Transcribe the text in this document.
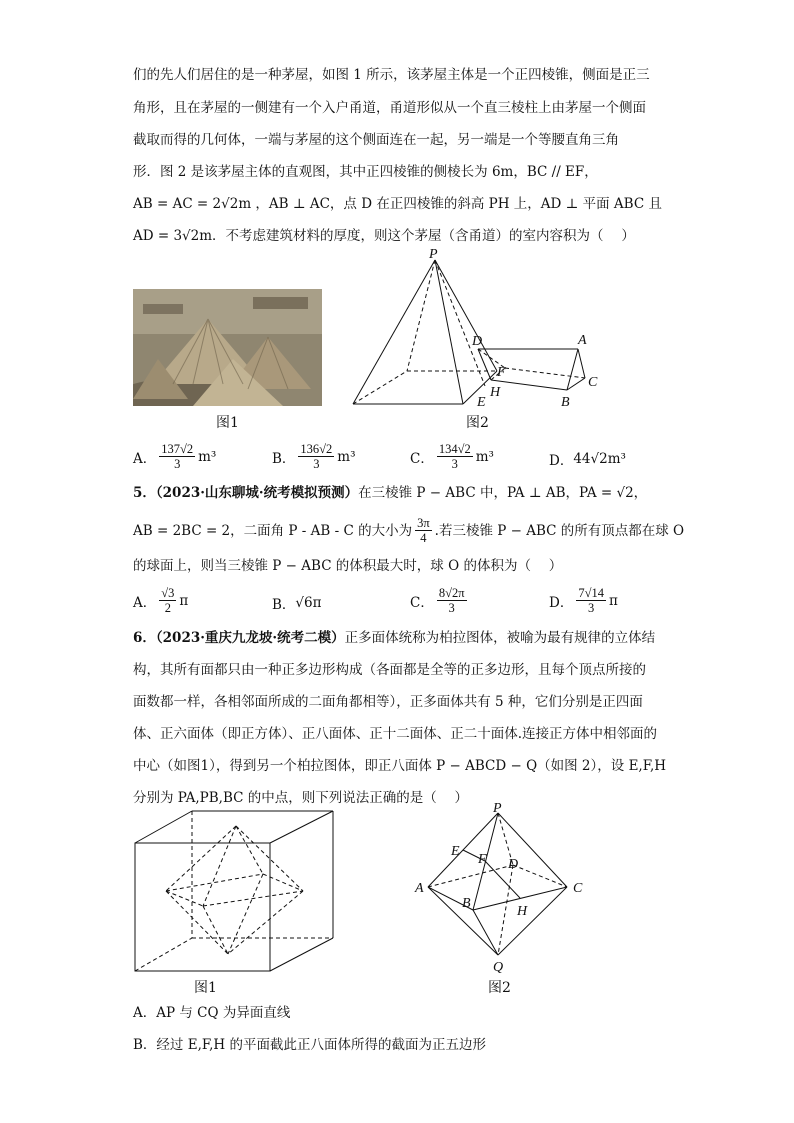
们的先人们居住的是一种茅屋，如图 1 所示，该茅屋主体是一个正四棱锥，侧面是正三
角形，且在茅屋的一侧建有一个入户甬道，甬道形似从一个直三棱柱上由茅屋一个侧面
截取而得的几何体，一端与茅屋的这个侧面连在一起，另一端是一个等腰直角三角
形．图 2 是该茅屋主体的直观图，其中正四棱锥的侧棱长为 6m，BC // EF，
AB = AC = 2√2m ，AB ⊥ AC，点 D 在正四棱锥的斜高 PH 上，AD ⊥ 平面 ABC 且
AD = 3√2m．不考虑建筑材料的厚度，则这个茅屋（含甬道）的室内容积为（　 ）
图1
P
D	A
F
H
E
C
B
图2
A． $\frac{137√2}{3} m^3$	B． $\frac{136√2}{3} m^3$	C． $\frac{134√2}{3} m^3$	D． 44√2m³
5．（2023·山东聊城·统考模拟预测）在三棱锥 P − ABC 中，PA ⊥ AB，PA = √2，
AB = 2BC = 2，二面角 P - AB - C 的大小为 $\frac{3\pi}{4}$ .若三棱锥 P − ABC 的所有顶点都在球 O
的球面上，则当三棱锥 P − ABC 的体积最大时，球 O 的体积为（　 ）
A． $\frac{√3}{2}$ π	B． √6π	C． $\frac{8√2\pi}{3}$	D． $\frac{7√14}{3}$ π
6．（2023·重庆九龙坡·统考二模）正多面体统称为柏拉图体，被喻为最有规律的立体结
构，其所有面都只由一种正多边形构成（各面都是全等的正多边形，且每个顶点所接的
面数都一样，各相邻面所成的二面角都相等），正多面体共有 5 种，它们分别是正四面
体、正六面体（即正方体）、正八面体、正十二面体、正二十面体.连接正方体中相邻面的
中心（如图1），得到另一个柏拉图体，即正八面体 P − ABCD − Q（如图 2），设 E,F,H
分别为 PA,PB,BC 的中点，则下列说法正确的是（　 ）
图1
P
E
F D
A	C
B
H
Q
图2
A．AP 与 CQ 为异面直线
B．经过 E,F,H 的平面截此正八面体所得的截面为正五边形
